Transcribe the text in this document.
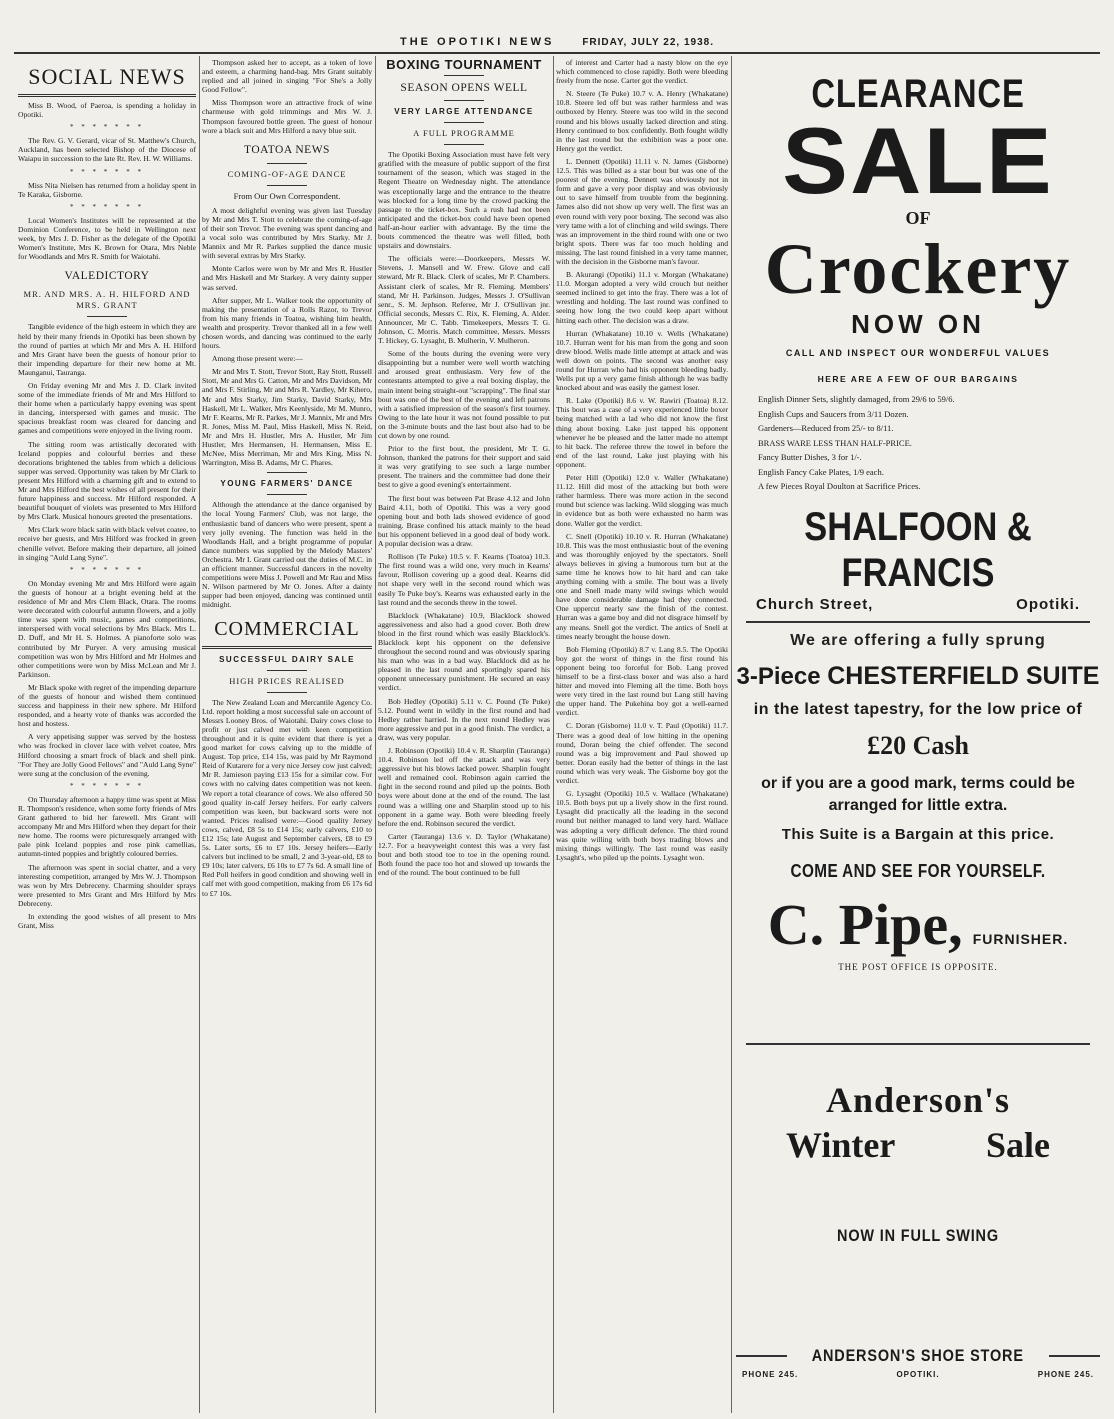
THE OPOTIKI NEWS	FRIDAY, JULY 22, 1938.
SOCIAL NEWS

Miss B. Wood, of Paeroa, is spending a holiday in Opotiki.

* * * * * * *

The Rev. G. V. Gerard, vicar of St. Matthew's Church, Auckland, has been selected Bishop of the Diocese of Waiapu in succession to the late Rt. Rev. H. W. Williams.

* * * * * * *

Miss Nita Nielsen has returned from a holiday spent in Te Karaka, Gisborne.

* * * * * * *

Local Women's Institutes will be represented at the Dominion Conference, to be held in Wellington next week, by Mrs J. D. Fisher as the delegate of the Opotiki Women's Institute, Mrs K. Brown for Otara, Mrs Neble for Woodlands and Mrs R. Smith for Waiotahi.

VALEDICTORY
MR. AND MRS. A. H. HILFORD AND MRS. GRANT

Tangible evidence of the high esteem in which they are held by their many friends in Opotiki has been shown by the round of parties at which Mr and Mrs A. H. Hilford and Mrs Grant have been the guests of honour prior to their impending departure for their new home at Mt. Maunganui, Tauranga.

On Friday evening Mr and Mrs J. D. Clark invited some of the immediate friends of Mr and Mrs Hilford to their home when a particularly happy evening was spent in dancing, interspersed with games and music. The spacious breakfast room was cleared for dancing and games and competitions were enjoyed in the living room.

The sitting room was artistically decorated with Iceland poppies and colourful berries and these decorations brightened the tables from which a delicious supper was served. Opportunity was taken by Mr Clark to present Mrs Hilford with a charming gift and to extend to Mr and Mrs Hilford the best wishes of all present for their future happiness and success. Mr Hilford responded. A beautiful bouquet of violets was presented to Mrs Hilford by Mrs Clark. Musical honours greeted the presentations.

Mrs Clark wore black satin with black velvet coatee, to receive her guests, and Mrs Hilford was frocked in green chenille velvet. Before making their departure, all joined in singing "Auld Lang Syne".

* * * * * * *

On Monday evening Mr and Mrs Hilford were again the guests of honour at a bright evening held at the residence of Mr and Mrs Clem Black, Otara. The rooms were decorated with colourful autumn flowers, and a jolly time was spent with music, games and competitions, interspersed with vocal selections by Mrs Black. Mrs L. D. Duff, and Mr H. S. Holmes. A pianoforte solo was contributed by Mr Puryer. A very amusing musical competition was won by Mrs Hilford and Mr Holmes and other competitions were won by Miss McLean and Mr J. Parkinson.

Mr Black spoke with regret of the impending departure of the guests of honour and wished them continued success and happiness in their new sphere. Mr Hilford responded, and a hearty vote of thanks was accorded the host and hostess.

A very appetising supper was served by the hostess who was frocked in clover lace with velvet coatee, Mrs Hilford choosing a smart frock of black and shell pink. "For They are Jolly Good Fellows" and "Auld Lang Syne" were sung at the conclusion of the evening.

* * * * * * *

On Thursday afternoon a happy time was spent at Miss R. Thompson's residence, when some forty friends of Mrs Grant gathered to bid her farewell. Mrs Grant will accompany Mr and Mrs Hilford when they depart for their new home. The rooms were picturesquely arranged with pale pink Iceland poppies and rose pink camellias, autumn-tinted poppies and brightly coloured berries.

The afternoon was spent in social chatter, and a very interesting competition, arranged by Mrs W. J. Thompson was won by Mrs Debreceny. Charming shoulder sprays were presented to Mrs Grant and Mrs Hilford by Mrs Debreceny.

In extending the good wishes of all present to Mrs Grant, Miss

Thompson asked her to accept, as a token of love and esteem, a charming hand-bag. Mrs Grant suitably replied and all joined in singing "For She's a Jolly Good Fellow".

Miss Thompson wore an attractive frock of wine charmeuse with gold trimmings and Mrs W. J. Thompson favoured bottle green. The guest of honour wore a black suit and Mrs Hilford a navy blue suit.

TOATOA NEWS
COMING-OF-AGE DANCE
From Our Own Correspondent.

A most delightful evening was given last Tuesday by Mr and Mrs T. Stott to celebrate the coming-of-age of their son Trevor. The evening was spent dancing and a vocal solo was contributed by Mrs Starky. Mr J. Mannix and Mr R. Parkes supplied the dance music with several extras by Mrs Starky.

Monte Carlos were won by Mr and Mrs R. Hustler and Mrs Haskell and Mr Starkey. A very dainty supper was served.

After supper, Mr L. Walker took the opportunity of making the presentation of a Rolls Razor, to Trevor from his many friends in Toatoa, wishing him health, wealth and prosperity. Trevor thanked all in a few well chosen words, and dancing was continued to the early hours.

Among those present were:—

Mr and Mrs T. Stott, Trevor Stott, Ray Stott, Russell Stott, Mr and Mrs G. Catton, Mr and Mrs Davidson, Mr and Mrs F. Stirling, Mr and Mrs R. Yardley, Mr Kihero, Mr and Mrs Starky, Jim Starky, David Starky, Mrs Haskell, Mr L. Walker, Mrs Keenlyside, Mr M. Munro, Mr F. Kearns, Mr R. Parkes, Mr J. Mannix, Mr and Mrs R. Jones, Miss M. Paul, Miss Haskell, Miss N. Reid, Mr and Mrs H. Hustler, Mrs A. Hustler, Mr Jim Hustler, Mrs Hermansen, H. Hermansen, Miss E. McNee, Miss Merriman, Mr and Mrs King, Miss N. Warrington, Miss B. Adams, Mr C. Phares.

YOUNG FARMERS' DANCE

Although the attendance at the dance organised by the local Young Farmers' Club, was not large, the enthusiastic band of dancers who were present, spent a very jolly evening. The function was held in the Woodlands Hall, and a bright programme of popular dance numbers was supplied by the Melody Masters' Orchestra. Mr I. Grant carried out the duties of M.C. in an efficient manner. Successful dancers in the novelty competitions were Miss J. Powell and Mr Rau and Miss N. Wilson partnered by Mr O. Jones. After a dainty supper had been enjoyed, dancing was continued until midnight.

COMMERCIAL
SUCCESSFUL DAIRY SALE
HIGH PRICES REALISED

The New Zealand Loan and Mercantile Agency Co. Ltd. report holding a most successful sale on account of Messrs Looney Bros. of Waiotahi. Dairy cows close to profit or just calved met with keen competition throughout and it is quite evident that there is yet a good market for cows calving up to the middle of August. Top price, £14 15s, was paid by Mr Raymond Reid of Kutarere for a very nice Jersey cow just calved; Mr R. Jamieson paying £13 15s for a similar cow. For cows with no calving dates competition was not keen. We report a total clearance of cows. We also offered 50 good quality in-calf Jersey heifers. For early calvers competition was keen, but backward sorts were not wanted. Prices realised were:—Good quality Jersey cows, calved, £8 5s to £14 15s; early calvers, £10 to £12 15s; late August and September calvers, £8 to £9 5s. Later sorts, £6 to £7 10s. Jersey heifers—Early calvers but inclined to be small, 2 and 3-year-old, £8 to £9 10s; later calvers, £6 10s to £7 7s 6d. A small line of Red Poll heifers in good condition and showing well in calf met with good competition, making from £6 17s 6d to £7 10s.

BOXING TOURNAMENT
SEASON OPENS WELL
VERY LARGE ATTENDANCE
A FULL PROGRAMME

The Opotiki Boxing Association must have felt very gratified with the measure of public support of the first tournament of the season, which was staged in the Regent Theatre on Wednesday night. The attendance was exceptionally large and the entrance to the theatre was blocked for a long time by the crowd packing the passage to the ticket-box. Such a rush had not been anticipated and the ticket-box could have been opened half-an-hour earlier with advantage. By the time the bouts commenced the theatre was well filled, both upstairs and downstairs.

The officials were:—Doorkeepers, Messrs W. Stevens, J. Mansell and W. Frew. Glove and call steward, Mr R. Black. Clerk of scales, Mr P. Chambers. Assistant clerk of scales, Mr R. Fleming. Members' stand, Mr H. Parkinson. Judges, Messrs J. O'Sullivan senr., S. M. Jephson. Referee, Mr J. O'Sullivan jnr. Official seconds, Messrs C. Rix, K. Fleming, A. Alder. Announcer, Mr C. Tabb. Timekeepers, Messrs T. G. Johnson, C. Morris. Match committee, Messrs. Messrs T. Hickey, G. Lysaght, B. Mulherin, V. Mulheron.

Some of the bouts during the evening were very disappointing but a number were well worth watching and aroused great enthusiasm. Very few of the contestants attempted to give a real boxing display, the main intent being straight-out "scrapping". The final star bout was one of the best of the evening and left patrons with a satisfied impression of the season's first tourney. Owing to the late hour it was not found possible to put on the 3-minute bouts and the last bout also had to be cut down by one round.

Prior to the first bout, the president, Mr T. G. Johnson, thanked the patrons for their support and said it was very gratifying to see such a large number present. The trainers and the committee had done their best to give a good evening's entertainment.

The first bout was between Pat Brase 4.12 and John Baird 4.11, both of Opotiki. This was a very good opening bout and both lads showed evidence of good training. Brase confined his attack mainly to the head but his opponent believed in a good deal of body work. A popular decision was a draw.

Rollison (Te Puke) 10.5 v. F. Kearns (Toatoa) 10.3. The first round was a wild one, very much in Kearns' favour, Rollison covering up a good deal. Kearns did not shape very well in the second round which was easily Te Puke boy's. Kearns was exhausted early in the last round and the seconds threw in the towel.

Blacklock (Whakatane) 10.9, Blacklock showed aggressiveness and also had a good cover. Both drew blood in the first round which was easily Blacklock's. Blacklock kept his opponent on the defensive throughout the second round and was obviously sparing his man who was in a bad way. Blacklock did as he pleased in the last round and sportingly spared his opponent unnecessary punishment. He secured an easy verdict.

Bob Hedley (Opotiki) 5.11 v. C. Pound (Te Puke) 5.12. Pound went in wildly in the first round and had Hedley rather harried. In the next round Hedley was more aggressive and put in a good finish. The verdict, a draw, was very popular.

J. Robinson (Opotiki) 10.4 v. R. Sharplin (Tauranga) 10.4. Robinson led off the attack and was very aggressive but his blows lacked power. Sharplin fought well and remained cool. Robinson again carried the fight in the second round and piled up the points. Both boys were about done at the end of the round. The last round was a willing one and Sharplin stood up to his opponent in a game way. Both were bleeding freely before the end. Robinson secured the verdict.

Carter (Tauranga) 13.6 v. D. Taylor (Whakatane) 12.7. For a heavyweight contest this was a very fast bout and both stood toe to toe in the opening round. Both found the pace too hot and slowed up towards the end of the round. The bout continued to be full

of interest and Carter had a nasty blow on the eye which commenced to close rapidly. Both were bleeding freely from the nose. Carter got the verdict.

N. Steere (Te Puke) 10.7 v. A. Henry (Whakatane) 10.8. Steere led off but was rather harmless and was outboxed by Henry. Steere was too wild in the second round and his blows usually lacked direction and sting. Henry continued to box confidently. Both fought wildly in the last round but the exhibition was a poor one. Henry got the verdict.

L. Dennett (Opotiki) 11.11 v. N. James (Gisborne) 12.5. This was billed as a star bout but was one of the poorest of the evening. Dennett was obviously not in form and gave a very poor display and was obviously out to save himself from trouble from the beginning. James also did not show up very well. The first was an even round with very poor boxing. The second was also very tame with a lot of clinching and wild swings. There was an improvement in the third round with one or two bright spots. There was far too much holding and missing. The last round finished in a very tame manner, with the decision in the Gisborne man's favour.

B. Akurangi (Opotiki) 11.1 v. Morgan (Whakatane) 11.0. Morgan adopted a very wild crouch but neither seemed inclined to get into the fray. There was a lot of wrestling and holding. The last round was confined to seeing how long the two could keep apart without hitting each other. The decision was a draw.

Hurran (Whakatane) 10.10 v. Wells (Whakatane) 10.7. Hurran went for his man from the gong and soon drew blood. Wells made little attempt at attack and was well down on points. The second was another easy round for Hurran who had his opponent bleeding badly. Wells put up a very game finish although he was badly knocked about and was easily the gamest loser.

R. Lake (Opotiki) 8.6 v. W. Rawiri (Toatoa) 8.12. This bout was a case of a very experienced little boxer being matched with a lad who did not know the first thing about boxing. Lake just tapped his opponent whenever he be pleased and the latter made no attempt to hit back. The referee threw the towel in before the end of the last round, Lake just playing with his opponent.

Peter Hill (Opotiki) 12.0 v. Waller (Whakatane) 11.12. Hill did most of the attacking but both were rather harmless. There was more action in the second round but science was lacking. Wild slogging was much in evidence but as both were exhausted no harm was done. Waller got the verdict.

C. Snell (Opotiki) 10.10 v. R. Hurran (Whakatane) 10.8. This was the most enthusiastic bout of the evening and was thoroughly enjoyed by the spectators. Snell always believes in giving a humorous turn but at the same time he knows how to hit hard and can take anything coming with a smile. The bout was a lively one and Snell made many wild swings which would have done considerable damage had they connected. One uppercut nearly saw the finish of the contest. Hurran was a game boy and did not disgrace himself by any means. Snell got the verdict. The antics of Snell at times nearly brought the house down.

Bob Fleming (Opotiki) 8.7 v. Lang 8.5. The Opotiki boy got the worst of things in the first round his opponent being too forceful for Bob. Lang proved himself to be a first-class boxer and was also a hard hitter and moved into Fleming all the time. Both boys were very tired in the last round but Lang still having the upper hand. The Pukehina boy got a well-earned verdict.

C. Doran (Gisborne) 11.0 v. T. Paul (Opotiki) 11.7. There was a good deal of low hitting in the opening round, Doran being the chief offender. The second round was a big improvement and Paul showed up better. Doran easily had the better of things in the last round which was very weak. The Gisborne boy got the verdict.

G. Lysaght (Opotiki) 10.5 v. Wallace (Whakatane) 10.5. Both boys put up a lively show in the first round. Lysaght did practically all the leading in the second round but neither managed to land very hard. Wallace was adopting a very difficult defence. The third round was quite willing with both boys trading blows and mixing things willingly. The last round was easily Lysaght's, who piled up the points. Lysaght won.

CLEARANCE
SALE
OF
Crockery
NOW ON
CALL AND INSPECT OUR WONDERFUL VALUES
HERE ARE A FEW OF OUR BARGAINS
English Dinner Sets, slightly damaged, from 29/6 to 59/6.
English Cups and Saucers from 3/11 Dozen.
Gardeners—Reduced from 25/- to 8/11.
BRASS WARE LESS THAN HALF-PRICE.
Fancy Butter Dishes, 3 for 1/-.
English Fancy Cake Plates, 1/9 each.
A few Pieces Royal Doulton at Sacrifice Prices.
SHALFOON & FRANCIS
Church Street,	Opotiki.
We are offering a fully sprung
3-Piece CHESTERFIELD SUITE
in the latest tapestry, for the low price of
£20 Cash
or if you are a good mark, terms could be arranged for little extra.
This Suite is a Bargain at this price.
COME AND SEE FOR YOURSELF.
C. Pipe, FURNISHER.
THE POST OFFICE IS OPPOSITE.
Anderson's
Winter	Sale
NOW IN FULL SWING
ANDERSON'S SHOE STORE
PHONE 245.	OPOTIKI.	PHONE 245.
